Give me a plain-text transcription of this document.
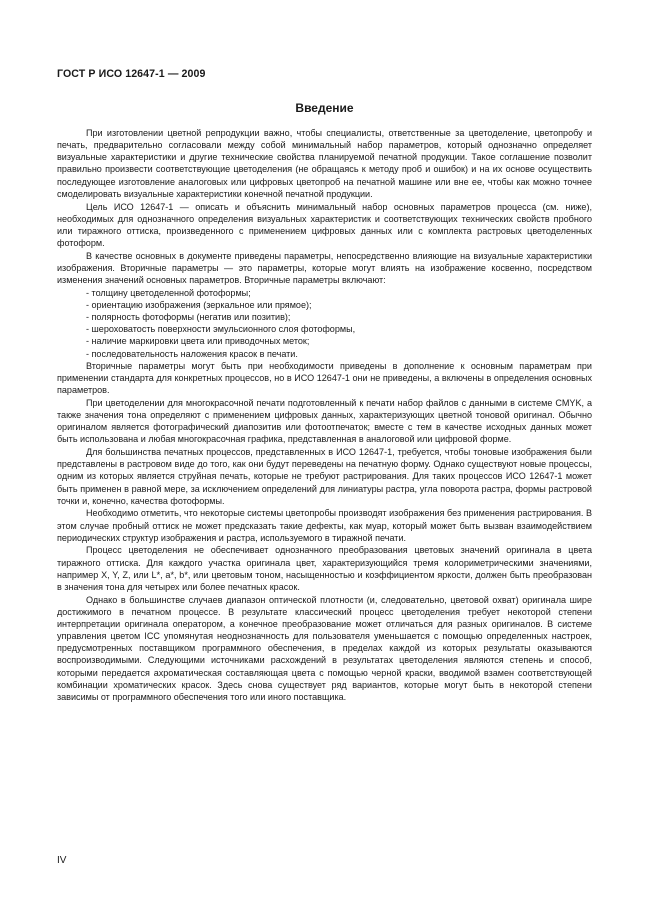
ГОСТ Р ИСО 12647-1 — 2009
Введение

При изготовлении цветной репродукции важно, чтобы специалисты, ответственные за цветоделение, цветопробу и печать, предварительно согласовали между собой минимальный набор параметров, который однозначно определяет визуальные характеристики и другие технические свойства планируемой печатной продукции. Такое соглашение позволит правильно произвести соответствующие цветоделения (не обращаясь к методу проб и ошибок) и на их основе осуществить последующее изготовление аналоговых или цифровых цветопроб на печатной машине или вне ее, чтобы как можно точнее смоделировать визуальные характеристики конечной печатной продукции.

Цель ИСО 12647-1 — описать и объяснить минимальный набор основных параметров процесса (см. ниже), необходимых для однозначного определения визуальных характеристик и соответствующих технических свойств пробного или тиражного оттиска, произведенного с применением цифровых данных или с комплекта растровых цветоделенных фотоформ.

В качестве основных в документе приведены параметры, непосредственно влияющие на визуальные характеристики изображения. Вторичные параметры — это параметры, которые могут влиять на изображение косвенно, посредством изменения значений основных параметров. Вторичные параметры включают:

- толщину цветоделенной фотоформы;
- ориентацию изображения (зеркальное или прямое);
- полярность фотоформы (негатив или позитив);
- шероховатость поверхности эмульсионного слоя фотоформы,
- наличие маркировки цвета или приводочных меток;
- последовательность наложения красок в печати.

Вторичные параметры могут быть при необходимости приведены в дополнение к основным параметрам при применении стандарта для конкретных процессов, но в ИСО 12647-1 они не приведены, а включены в определения основных параметров.

При цветоделении для многокрасочной печати подготовленный к печати набор файлов с данными в системе CMYK, а также значения тона определяют с применением цифровых данных, характеризующих цветной тоновой оригинал. Обычно оригиналом является фотографический диапозитив или фотоотпечаток; вместе с тем в качестве исходных данных может быть использована и любая многокрасочная графика, представленная в аналоговой или цифровой форме.

Для большинства печатных процессов, представленных в ИСО 12647-1, требуется, чтобы тоновые изображения были представлены в растровом виде до того, как они будут переведены на печатную форму. Однако существуют новые процессы, одним из которых является струйная печать, которые не требуют растрирования. Для таких процессов ИСО 12647-1 может быть применен в равной мере, за исключением определений для линиатуры растра, угла поворота растра, формы растровой точки и, конечно, качества фотоформы.

Необходимо отметить, что некоторые системы цветопробы производят изображения без применения растрирования. В этом случае пробный оттиск не может предсказать такие дефекты, как муар, который может быть вызван взаимодействием периодических структур изображения и растра, используемого в тиражной печати.

Процесс цветоделения не обеспечивает однозначного преобразования цветовых значений оригинала в цвета тиражного оттиска. Для каждого участка оригинала цвет, характеризующийся тремя колориметрическими значениями, например X, Y, Z, или L*, a*, b*, или цветовым тоном, насыщенностью и коэффициентом яркости, должен быть преобразован в значения тона для четырех или более печатных красок.

Однако в большинстве случаев диапазон оптической плотности (и, следовательно, цветовой охват) оригинала шире достижимого в печатном процессе. В результате классический процесс цветоделения требует некоторой степени интерпретации оригинала оператором, а конечное преобразование может отличаться для разных оригиналов. В системе управления цветом ICC упомянутая неоднозначность для пользователя уменьшается с помощью определенных настроек, предусмотренных поставщиком программного обеспечения, в пределах каждой из которых результаты оказываются воспроизводимыми. Следующими источниками расхождений в результатах цветоделения являются степень и способ, которыми передается ахроматическая составляющая цвета с помощью черной краски, вводимой взамен соответствующей комбинации хроматических красок. Здесь снова существует ряд вариантов, которые могут быть в некоторой степени зависимы от программного обеспечения того или иного поставщика.

IV
